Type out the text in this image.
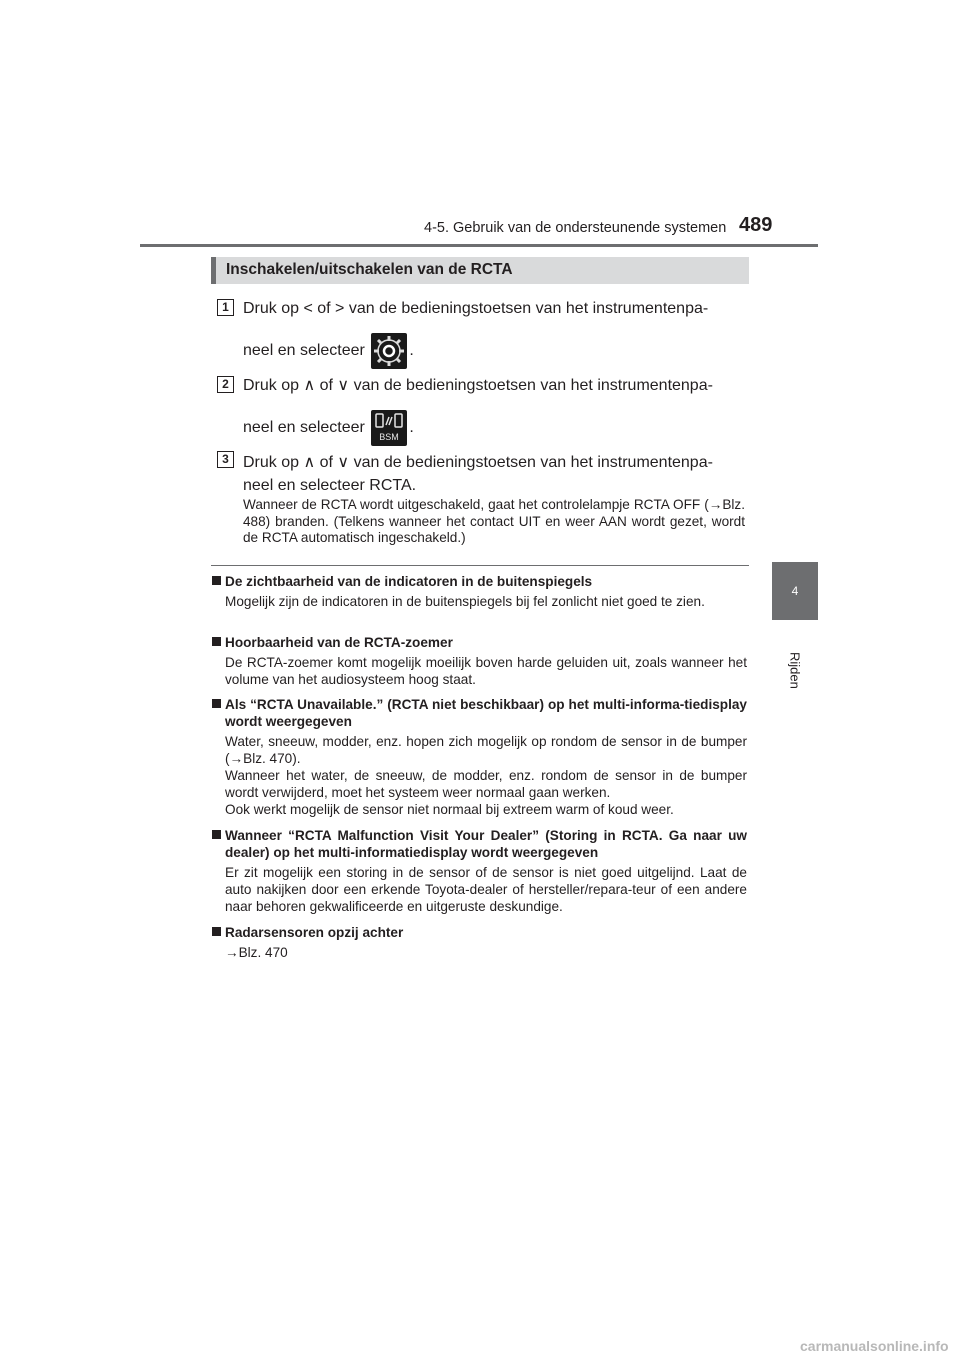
4-5. Gebruik van de ondersteunende systemen 489
4
Rijden
Inschakelen/uitschakelen van de RCTA
1 Druk op < of > van de bedieningstoetsen van het instrumentenpa-
neel en selecteer	.
2 Druk op ∧ of ∨ van de bedieningstoetsen van het instrumentenpa-
neel en selecteer
BSM
.
3 Druk op ∧ of ∨ van de bedieningstoetsen van het instrumentenpa-
neel en selecteer RCTA.
Wanneer de RCTA wordt uitgeschakeld, gaat het controlelampje RCTA OFF (→Blz. 488) branden. (Telkens wanneer het contact UIT en weer AAN wordt gezet, wordt de RCTA automatisch ingeschakeld.)
De zichtbaarheid van de indicatoren in de buitenspiegels
Mogelijk zijn de indicatoren in de buitenspiegels bij fel zonlicht niet goed te zien.
Hoorbaarheid van de RCTA-zoemer
De RCTA-zoemer komt mogelijk moeilijk boven harde geluiden uit, zoals wanneer het volume van het audiosysteem hoog staat.
Als “RCTA Unavailable.” (RCTA niet beschikbaar) op het multi-informa-tiedisplay wordt weergegeven
Water, sneeuw, modder, enz. hopen zich mogelijk op rondom de sensor in de bumper (→Blz. 470).
Wanneer het water, de sneeuw, de modder, enz. rondom de sensor in de bumper wordt verwijderd, moet het systeem weer normaal gaan werken.
Ook werkt mogelijk de sensor niet normaal bij extreem warm of koud weer.
Wanneer “RCTA Malfunction Visit Your Dealer” (Storing in RCTA. Ga naar uw dealer) op het multi-informatiedisplay wordt weergegeven
Er zit mogelijk een storing in de sensor of de sensor is niet goed uitgelijnd. Laat de auto nakijken door een erkende Toyota-dealer of hersteller/repara-teur of een andere naar behoren gekwalificeerde en uitgeruste deskundige.
Radarsensoren opzij achter
→Blz. 470
carmanualsonline.info
